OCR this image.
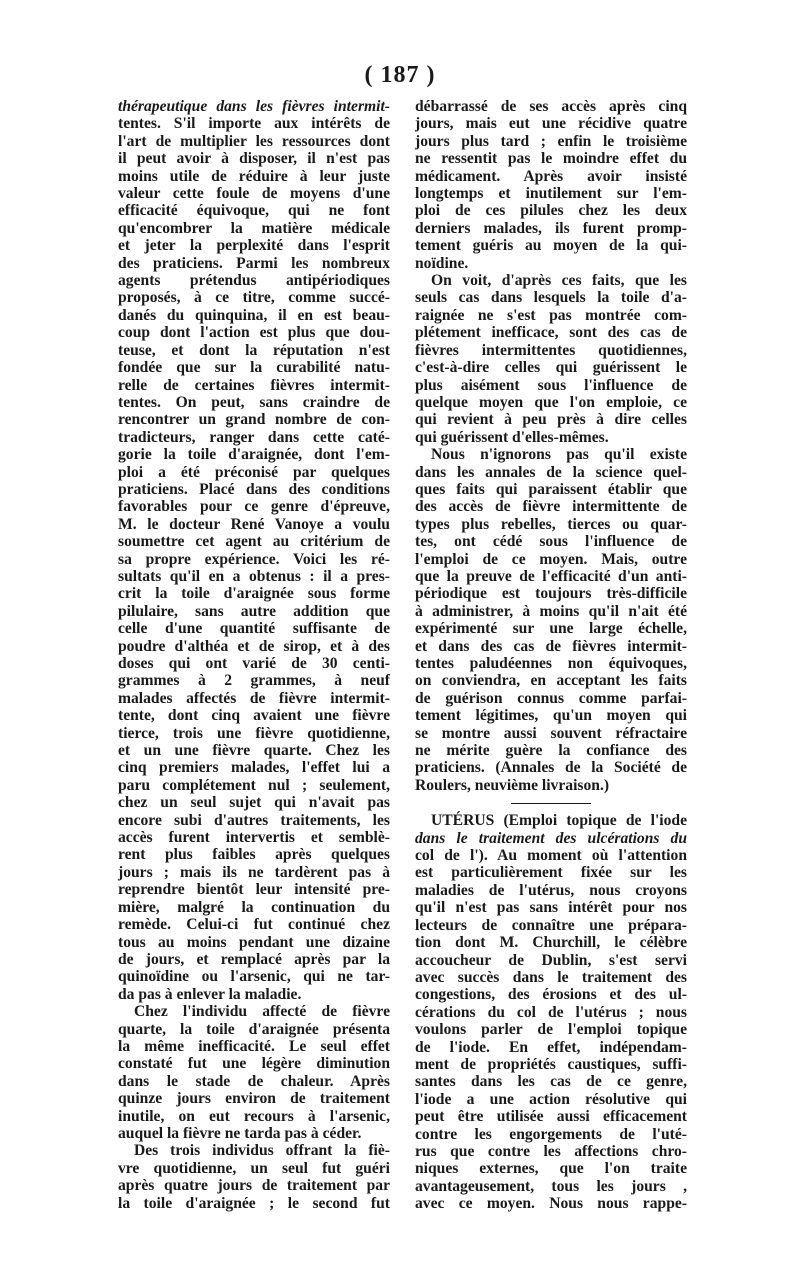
( 187 )
thérapeutique dans les fièvres intermit-
tentes. S'il importe aux intérêts de
l'art de multiplier les ressources dont
il peut avoir à disposer, il n'est pas
moins utile de réduire à leur juste
valeur cette foule de moyens d'une
efficacité équivoque, qui ne font
qu'encombrer la matière médicale
et jeter la perplexité dans l'esprit
des praticiens. Parmi les nombreux
agents prétendus antipériodiques
proposés, à ce titre, comme succé-
danés du quinquina, il en est beau-
coup dont l'action est plus que dou-
teuse, et dont la réputation n'est
fondée que sur la curabilité natu-
relle de certaines fièvres intermit-
tentes. On peut, sans craindre de
rencontrer un grand nombre de con-
tradicteurs, ranger dans cette caté-
gorie la toile d'araignée, dont l'em-
ploi a été préconisé par quelques
praticiens. Placé dans des conditions
favorables pour ce genre d'épreuve,
M. le docteur René Vanoye a voulu
soumettre cet agent au critérium de
sa propre expérience. Voici les ré-
sultats qu'il en a obtenus : il a pres-
crit la toile d'araignée sous forme
pilulaire, sans autre addition que
celle d'une quantité suffisante de
poudre d'althéa et de sirop, et à des
doses qui ont varié de 30 centi-
grammes à 2 grammes, à neuf
malades affectés de fièvre intermit-
tente, dont cinq avaient une fièvre
tierce, trois une fièvre quotidienne,
et un une fièvre quarte. Chez les
cinq premiers malades, l'effet lui a
paru complétement nul ; seulement,
chez un seul sujet qui n'avait pas
encore subi d'autres traitements, les
accès furent intervertis et semblè-
rent plus faibles après quelques
jours ; mais ils ne tardèrent pas à
reprendre bientôt leur intensité pre-
mière, malgré la continuation du
remède. Celui-ci fut continué chez
tous au moins pendant une dizaine
de jours, et remplacé après par la
quinoïdine ou l'arsenic, qui ne tar-
da pas à enlever la maladie.
Chez l'individu affecté de fièvre
quarte, la toile d'araignée présenta
la même inefficacité. Le seul effet
constaté fut une légère diminution
dans le stade de chaleur. Après
quinze jours environ de traitement
inutile, on eut recours à l'arsenic,
auquel la fièvre ne tarda pas à céder.
Des trois individus offrant la fiè-
vre quotidienne, un seul fut guéri
après quatre jours de traitement par
la toile d'araignée ; le second fut
débarrassé de ses accès après cinq
jours, mais eut une récidive quatre
jours plus tard ; enfin le troisième
ne ressentit pas le moindre effet du
médicament. Après avoir insisté
longtemps et inutilement sur l'em-
ploi de ces pilules chez les deux
derniers malades, ils furent promp-
tement guéris au moyen de la qui-
noïdine.
On voit, d'après ces faits, que les
seuls cas dans lesquels la toile d'a-
raignée ne s'est pas montrée com-
plétement inefficace, sont des cas de
fièvres intermittentes quotidiennes,
c'est-à-dire celles qui guérissent le
plus aisément sous l'influence de
quelque moyen que l'on emploie, ce
qui revient à peu près à dire celles
qui guérissent d'elles-mêmes.
Nous n'ignorons pas qu'il existe
dans les annales de la science quel-
ques faits qui paraissent établir que
des accès de fièvre intermittente de
types plus rebelles, tierces ou quar-
tes, ont cédé sous l'influence de
l'emploi de ce moyen. Mais, outre
que la preuve de l'efficacité d'un anti-
périodique est toujours très-difficile
à administrer, à moins qu'il n'ait été
expérimenté sur une large échelle,
et dans des cas de fièvres intermit-
tentes paludéennes non équivoques,
on conviendra, en acceptant les faits
de guérison connus comme parfai-
tement légitimes, qu'un moyen qui
se montre aussi souvent réfractaire
ne mérite guère la confiance des
praticiens. (Annales de la Société de
Roulers, neuvième livraison.)
UTÉRUS (Emploi topique de l'iode
dans le traitement des ulcérations du
col de l'). Au moment où l'attention
est particulièrement fixée sur les
maladies de l'utérus, nous croyons
qu'il n'est pas sans intérêt pour nos
lecteurs de connaître une prépara-
tion dont M. Churchill, le célèbre
accoucheur de Dublin, s'est servi
avec succès dans le traitement des
congestions, des érosions et des ul-
cérations du col de l'utérus ; nous
voulons parler de l'emploi topique
de l'iode. En effet, indépendam-
ment de propriétés caustiques, suffi-
santes dans les cas de ce genre,
l'iode a une action résolutive qui
peut être utilisée aussi efficacement
contre les engorgements de l'uté-
rus que contre les affections chro-
niques externes, que l'on traite
avantageusement, tous les jours ,
avec ce moyen. Nous nous rappe-
